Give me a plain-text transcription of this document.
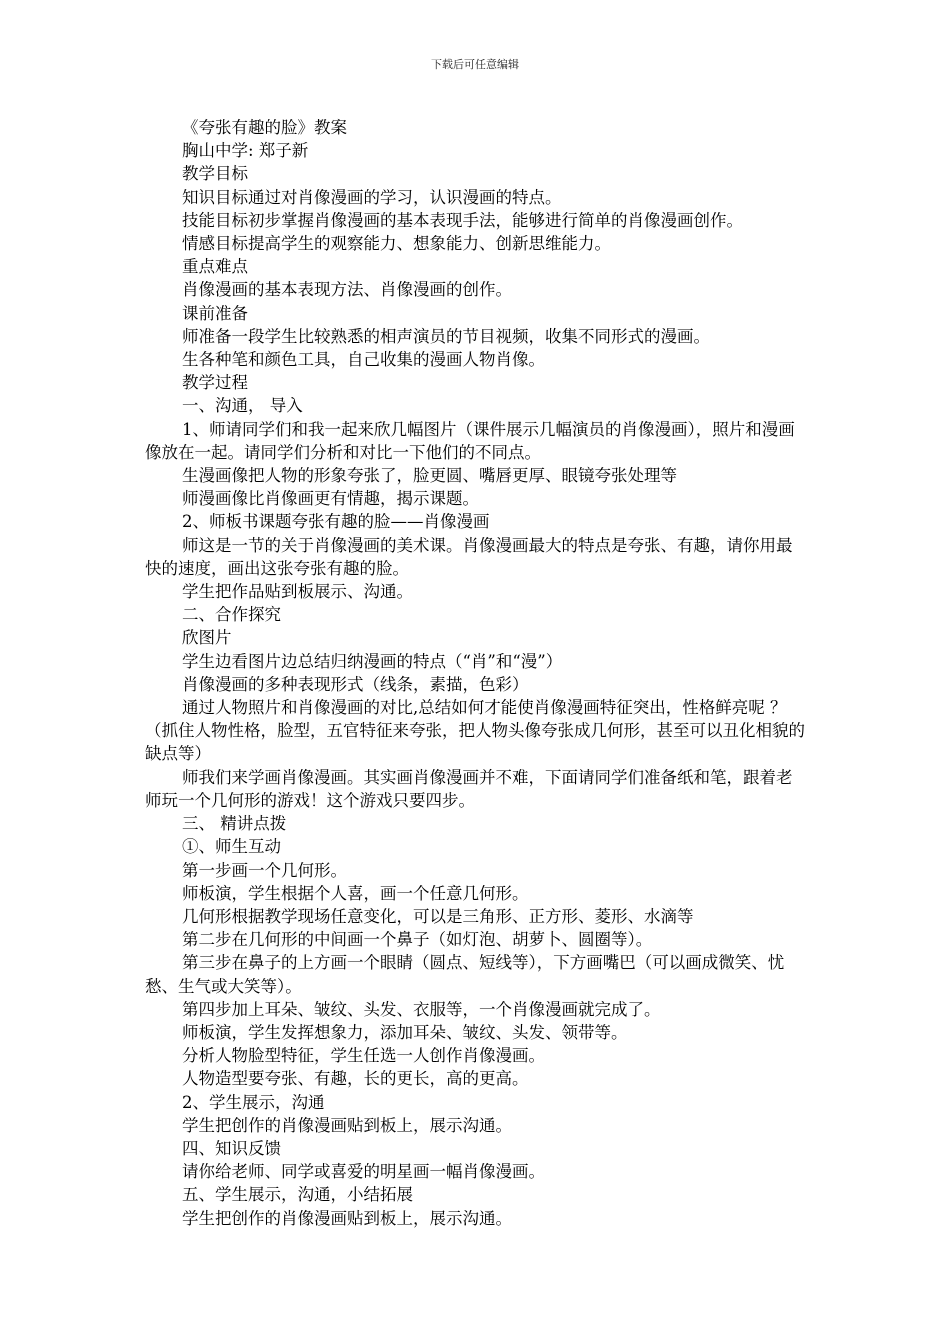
下载后可任意编辑

《夸张有趣的脸》教案

胸山中学: 郑子新

教学目标

知识目标通过对肖像漫画的学习，认识漫画的特点。

技能目标初步掌握肖像漫画的基本表现手法，能够进行简单的肖像漫画创作。

情感目标提高学生的观察能力、想象能力、创新思维能力。

重点难点

肖像漫画的基本表现方法、肖像漫画的创作。

课前准备

师准备一段学生比较熟悉的相声演员的节目视频，收集不同形式的漫画。

生各种笔和颜色工具，自己收集的漫画人物肖像。

教学过程

一、沟通， 导入

1、师请同学们和我一起来欣几幅图片（课件展示几幅演员的肖像漫画），照片和漫画像放在一起。请同学们分析和对比一下他们的不同点。

生漫画像把人物的形象夸张了，脸更圆、嘴唇更厚、眼镜夸张处理等

师漫画像比肖像画更有情趣，揭示课题。

2、师板书课题夸张有趣的脸——肖像漫画

师这是一节的关于肖像漫画的美术课。肖像漫画最大的特点是夸张、有趣，请你用最快的速度，画出这张夸张有趣的脸。

学生把作品贴到板展示、沟通。

二、合作探究

欣图片

学生边看图片边总结归纳漫画的特点（“肖”和“漫”）

肖像漫画的多种表现形式（线条，素描，色彩）

通过人物照片和肖像漫画的对比,总结如何才能使肖像漫画特征突出，性格鲜亮呢 ？（抓住人物性格，脸型，五官特征来夸张，把人物头像夸张成几何形，甚至可以丑化相貌的缺点等）

师我们来学画肖像漫画。其实画肖像漫画并不难，下面请同学们准备纸和笔，跟着老师玩一个几何形的游戏！这个游戏只要四步。

三、 精讲点拨

①、师生互动

第一步画一个几何形。

师板演，学生根据个人喜，画一个任意几何形。

几何形根据教学现场任意变化，可以是三角形、正方形、菱形、水滴等

第二步在几何形的中间画一个鼻子（如灯泡、胡萝卜、圆圈等）。

第三步在鼻子的上方画一个眼睛（圆点、短线等），下方画嘴巴（可以画成微笑、忧愁、生气或大笑等）。

第四步加上耳朵、皱纹、头发、衣服等，一个肖像漫画就完成了。

师板演，学生发挥想象力，添加耳朵、皱纹、头发、领带等。

分析人物脸型特征，学生任选一人创作肖像漫画。

人物造型要夸张、有趣，长的更长，高的更高。

2、学生展示，沟通

学生把创作的肖像漫画贴到板上，展示沟通。

四、知识反馈

请你给老师、同学或喜爱的明星画一幅肖像漫画。

五、学生展示，沟通，小结拓展

学生把创作的肖像漫画贴到板上，展示沟通。
